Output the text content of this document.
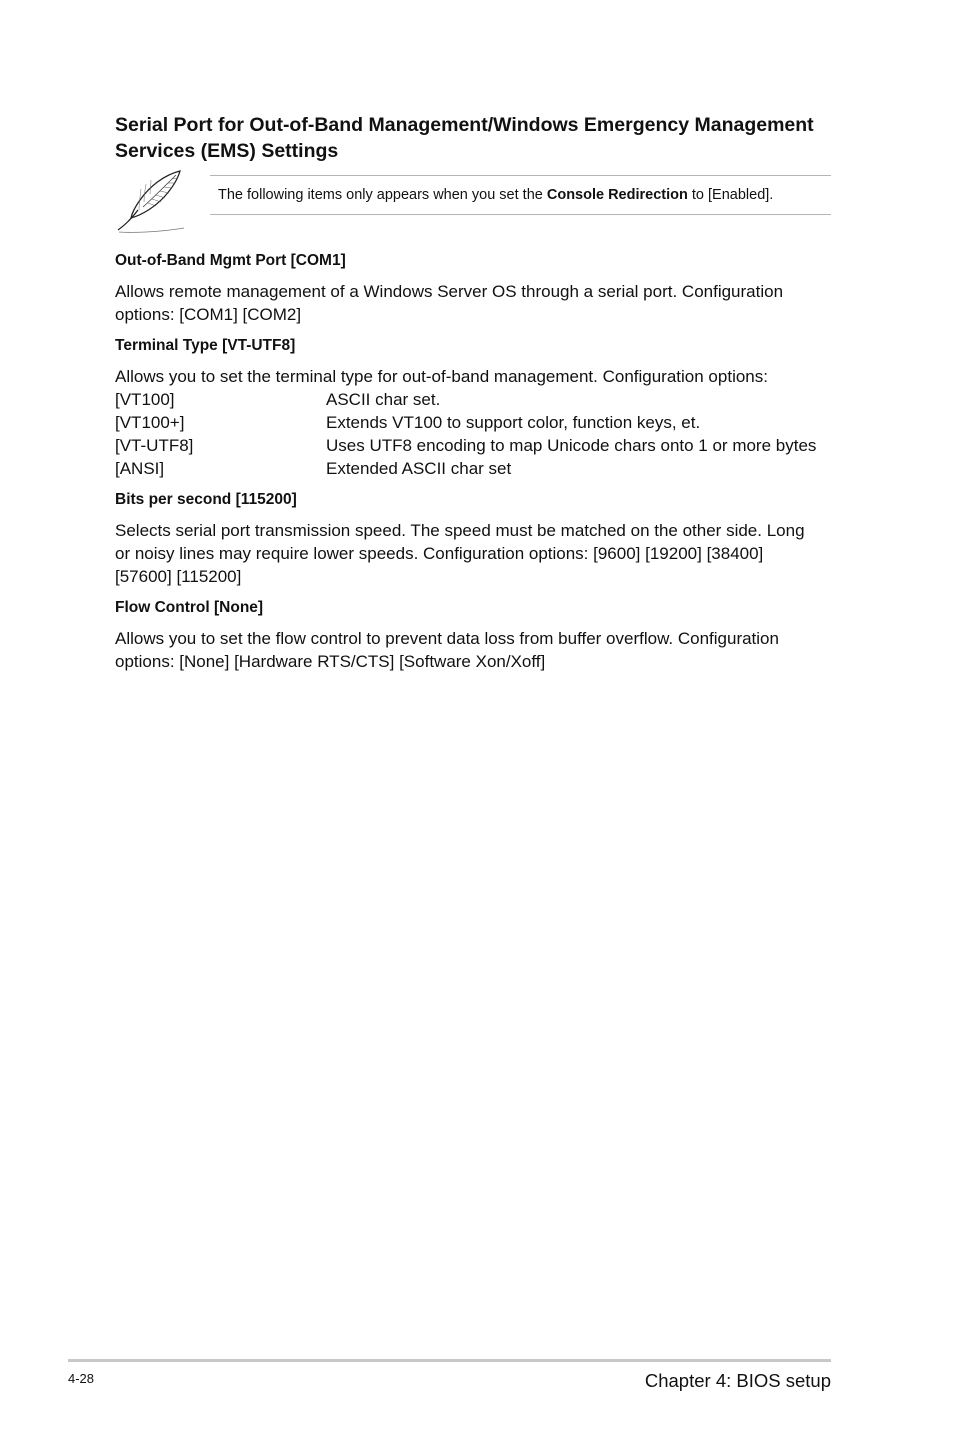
Serial Port for Out-of-Band Management/Windows Emergency Management
Services (EMS) Settings
The following items only appears when you set the Console Redirection to [Enabled].

Out-of-Band Mgmt Port [COM1]

Allows remote management of a Windows Server OS through a serial port. Configuration

options: [COM1] [COM2]

Terminal Type [VT-UTF8]

Allows you to set the terminal type for out-of-band management. Configuration options:

[VT100]	ASCII char set.
[VT100+]	Extends VT100 to support color, function keys, et.
[VT-UTF8]	Uses UTF8 encoding to map Unicode chars onto 1 or more bytes
[ANSI]	Extended ASCII char set

Bits per second [115200]

Selects serial port transmission speed. The speed must be matched on the other side. Long

or noisy lines may require lower speeds. Configuration options: [9600] [19200] [38400]

[57600] [115200]

Flow Control [None]

Allows you to set the flow control to prevent data loss from buffer overflow. Configuration

options: [None] [Hardware RTS/CTS] [Software Xon/Xoff]

4-28	Chapter 4: BIOS setup
